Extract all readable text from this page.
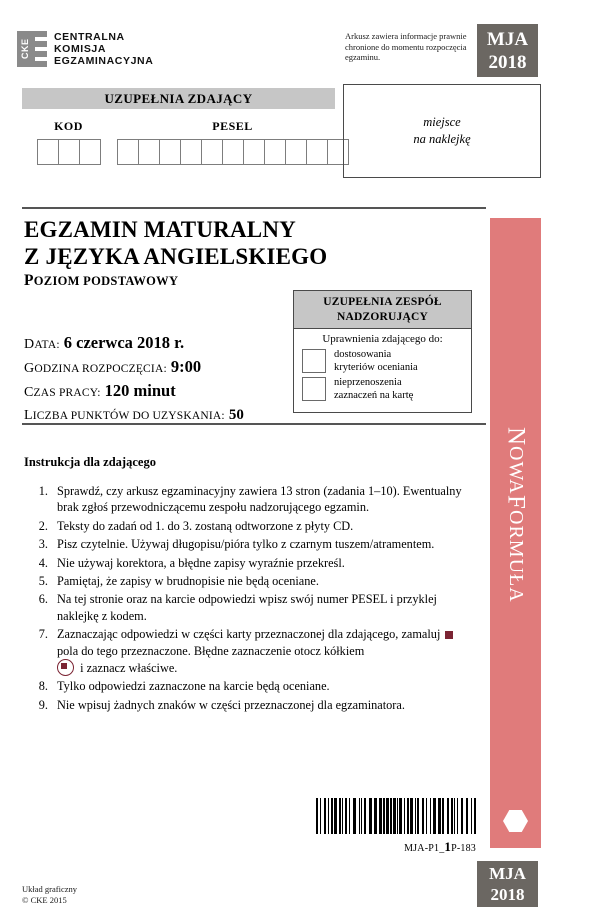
CKE
CENTRALNA
KOMISJA
EGZAMINACYJNA
Arkusz zawiera informacje prawnie chronione do momentu rozpoczęcia egzaminu.
MJA
2018
UZUPEŁNIA ZDAJĄCY
KOD	PESEL	miejsce
na naklejkę
EGZAMIN MATURALNY
Z JĘZYKA ANGIELSKIEGO
POZIOM PODSTAWOWY
DATA: 6 czerwca 2018 r.
GODZINA ROZPOCZĘCIA: 9:00
CZAS PRACY: 120 minut
LICZBA PUNKTÓW DO UZYSKANIA: 50
UZUPEŁNIA ZESPÓŁ
NADZORUJĄCY
Uprawnienia zdającego do:
dostosowania
kryteriów oceniania
nieprzenoszenia
zaznaczeń na kartę
Instrukcja dla zdającego
1. Sprawdź, czy arkusz egzaminacyjny zawiera 13 stron (zadania 1–10). Ewentualny brak zgłoś przewodniczącemu zespołu nadzorującego egzamin.
2. Teksty do zadań od 1. do 3. zostaną odtworzone z płyty CD.
3. Pisz czytelnie. Używaj długopisu/pióra tylko z czarnym tuszem/atramentem.
4. Nie używaj korektora, a błędne zapisy wyraźnie przekreśl.
5. Pamiętaj, że zapisy w brudnopisie nie będą oceniane.
6. Na tej stronie oraz na karcie odpowiedzi wpisz swój numer PESEL i przyklej naklejkę z kodem.
7. Zaznaczając odpowiedzi w części karty przeznaczonej dla zdającego, zamaluj  pola do tego przeznaczone. Błędne zaznaczenie otocz kółkiem
i zaznacz właściwe.
8. Tylko odpowiedzi zaznaczone na karcie będą oceniane.
9. Nie wpisuj żadnych znaków w części przeznaczonej dla egzaminatora.
N
OWA
F
ORMUŁA
MJA-P1_1P-183
MJA
2018
Układ graficzny
© CKE 2015
